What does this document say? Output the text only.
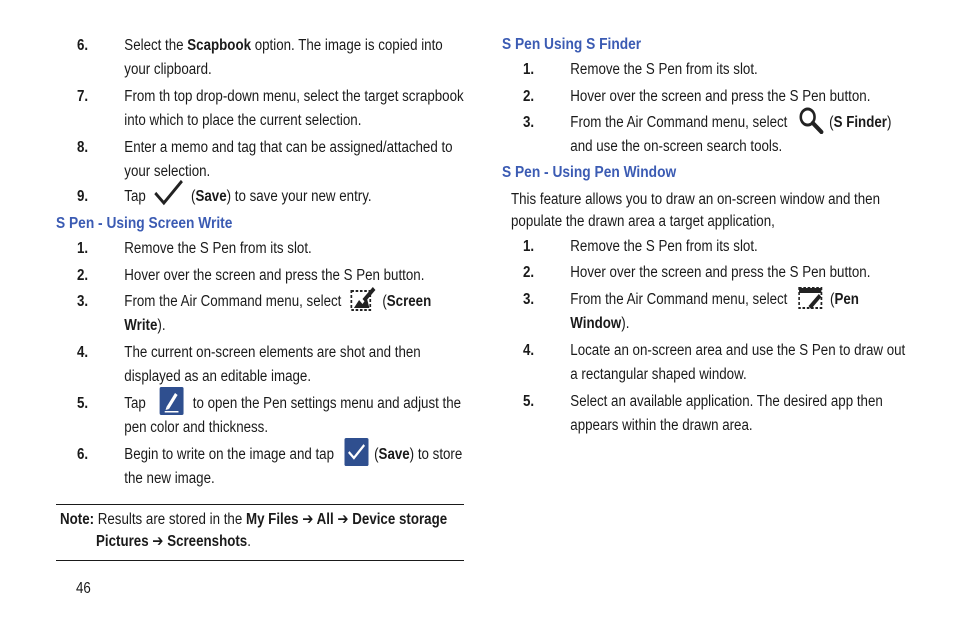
6.	Select the Scapbook option. The image is copied into your clipboard.
7.	From th top drop-down menu, select the target scrapbook into which to place the current selection.
8.	Enter a memo and tag that can be assigned/attached to your selection.
9.	Tap
(Save) to save your new entry.
S Pen - Using Screen Write
1.	Remove the S Pen from its slot.
2.	Hover over the screen and press the S Pen button.
3.	From the Air Command menu, select
(Screen Write).
4.	The current on-screen elements are shot and then displayed as an editable image.
5.	Tap	to open the Pen settings menu and adjust the pen color and thickness.
6.	Begin to write on the image and tap
(Save) to store the new image.
Note: Results are stored in the My Files ➔ All ➔ Device storage
Pictures ➔ Screenshots.
46
S Pen Using S Finder
1.	Remove the S Pen from its slot.
2.	Hover over the screen and press the S Pen button.
3.	From the Air Command menu, select
(S Finder) and use the on-screen search tools.
S Pen - Using Pen Window
This feature allows you to draw an on-screen window and then populate the drawn area a target application,
1.	Remove the S Pen from its slot.
2.	Hover over the screen and press the S Pen button.
3.	From the Air Command menu, select
(Pen Window).
4.	Locate an on-screen area and use the S Pen to draw out a rectangular shaped window.
5.	Select an available application. The desired app then appears within the drawn area.
